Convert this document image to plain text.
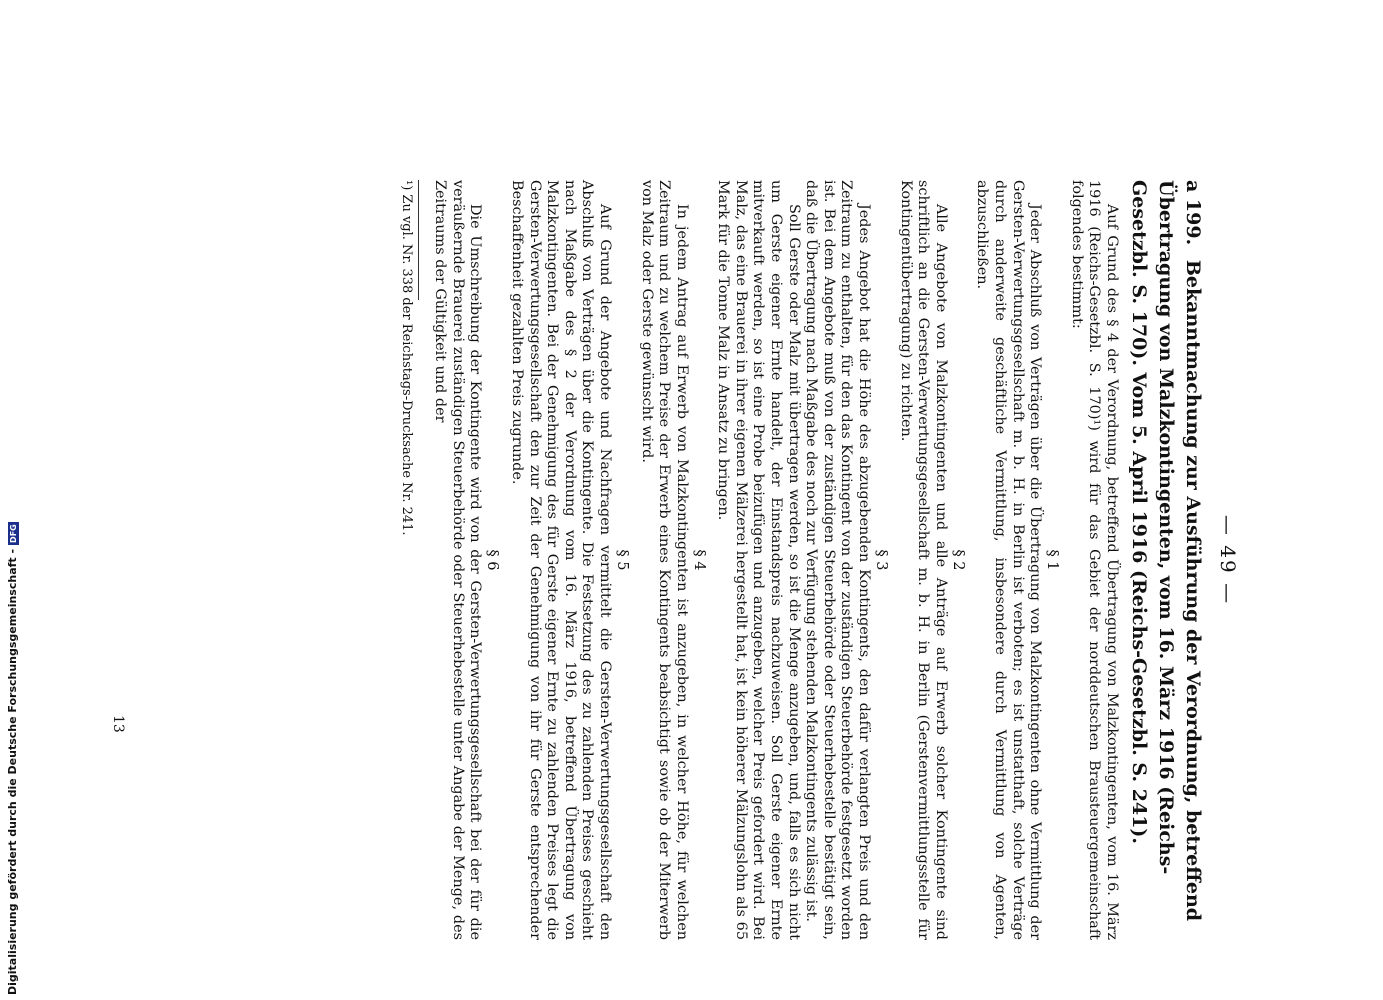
— 49 —
a 199. Bekanntmachung zur Ausführung der Verordnung, betreffend Übertragung von Malzkontingenten, vom 16. März 1916 (Reichs-Gesetzbl. S. 170). Vom 5. April 1916 (Reichs-Gesetzbl. S. 241).

Auf Grund des § 4 der Verordnung, betreffend Übertragung von Malzkontingenten, vom 16. März 1916 (Reichs-Gesetzbl. S. 170)¹) wird für das Gebiet der norddeutschen Brausteuergemeinschaft folgendes bestimmt:

§ 1

Jeder Abschluß von Verträgen über die Übertragung von Malzkontingenten ohne Vermittlung der Gersten-Verwertungsgesellschaft m. b. H. in Berlin ist verboten; es ist unstatthaft, solche Verträge durch anderweite geschäftliche Vermittlung, insbesondere durch Vermittlung von Agenten, abzuschließen.

§ 2

Alle Angebote von Malzkontingenten und alle Anträge auf Erwerb solcher Kontingente sind schriftlich an die Gersten-Verwertungsgesellschaft m. b. H. in Berlin (Gerstenvermittlungsstelle für Kontingentübertragung) zu richten.

§ 3

Jedes Angebot hat die Höhe des abzugebenden Kontingents, den dafür verlangten Preis und den Zeitraum zu enthalten, für den das Kontingent von der zuständigen Steuerbehörde festgesetzt worden ist. Bei dem Angebote muß von der zuständigen Steuerbehörde oder Steuerhebestelle bestätigt sein, daß die Übertragung nach Maßgabe des noch zur Verfügung stehenden Malzkontingents zulässig ist.

Soll Gerste oder Malz mit übertragen werden, so ist die Menge anzugeben, und, falls es sich nicht um Gerste eigener Ernte handelt, der Einstandspreis nachzuweisen. Soll Gerste eigener Ernte mitverkauft werden, so ist eine Probe beizufügen und anzugeben, welcher Preis gefordert wird. Bei Malz, das eine Brauerei in ihrer eigenen Mälzerei hergestellt hat, ist kein höherer Mälzungslohn als 65 Mark für die Tonne Malz in Ansatz zu bringen.

§ 4

In jedem Antrag auf Erwerb von Malzkontingenten ist anzugeben, in welcher Höhe, für welchen Zeitraum und zu welchem Preise der Erwerb eines Kontingents beabsichtigt sowie ob der Miterwerb von Malz oder Gerste gewünscht wird.

§ 5

Auf Grund der Angebote und Nachfragen vermittelt die Gersten-Verwertungsgesellschaft den Abschluß von Verträgen über die Kontingente. Die Festsetzung des zu zahlenden Preises geschieht nach Maßgabe des § 2 der Verordnung vom 16. März 1916, betreffend Übertragung von Malzkontingenten. Bei der Genehmigung des für Gerste eigener Ernte zu zahlenden Preises legt die Gersten-Verwertungsgesellschaft den zur Zeit der Genehmigung von ihr für Gerste entsprechender Beschaffenheit gezahlten Preis zugrunde.

§ 6

Die Umschreibung der Kontingente wird von der Gersten-Verwertungsgesellschaft bei der für die veräußernde Brauerei zuständigen Steuerbehörde oder Steuerhebestelle unter Angabe der Menge, des Zeitraums der Gültigkeit und der

¹) Zu vgl. Nr. 338 der Reichstags-Drucksache Nr. 241.

13
Digitalisierung gefördert durch die Deutsche Forschungsgemeinschaft -DFG
